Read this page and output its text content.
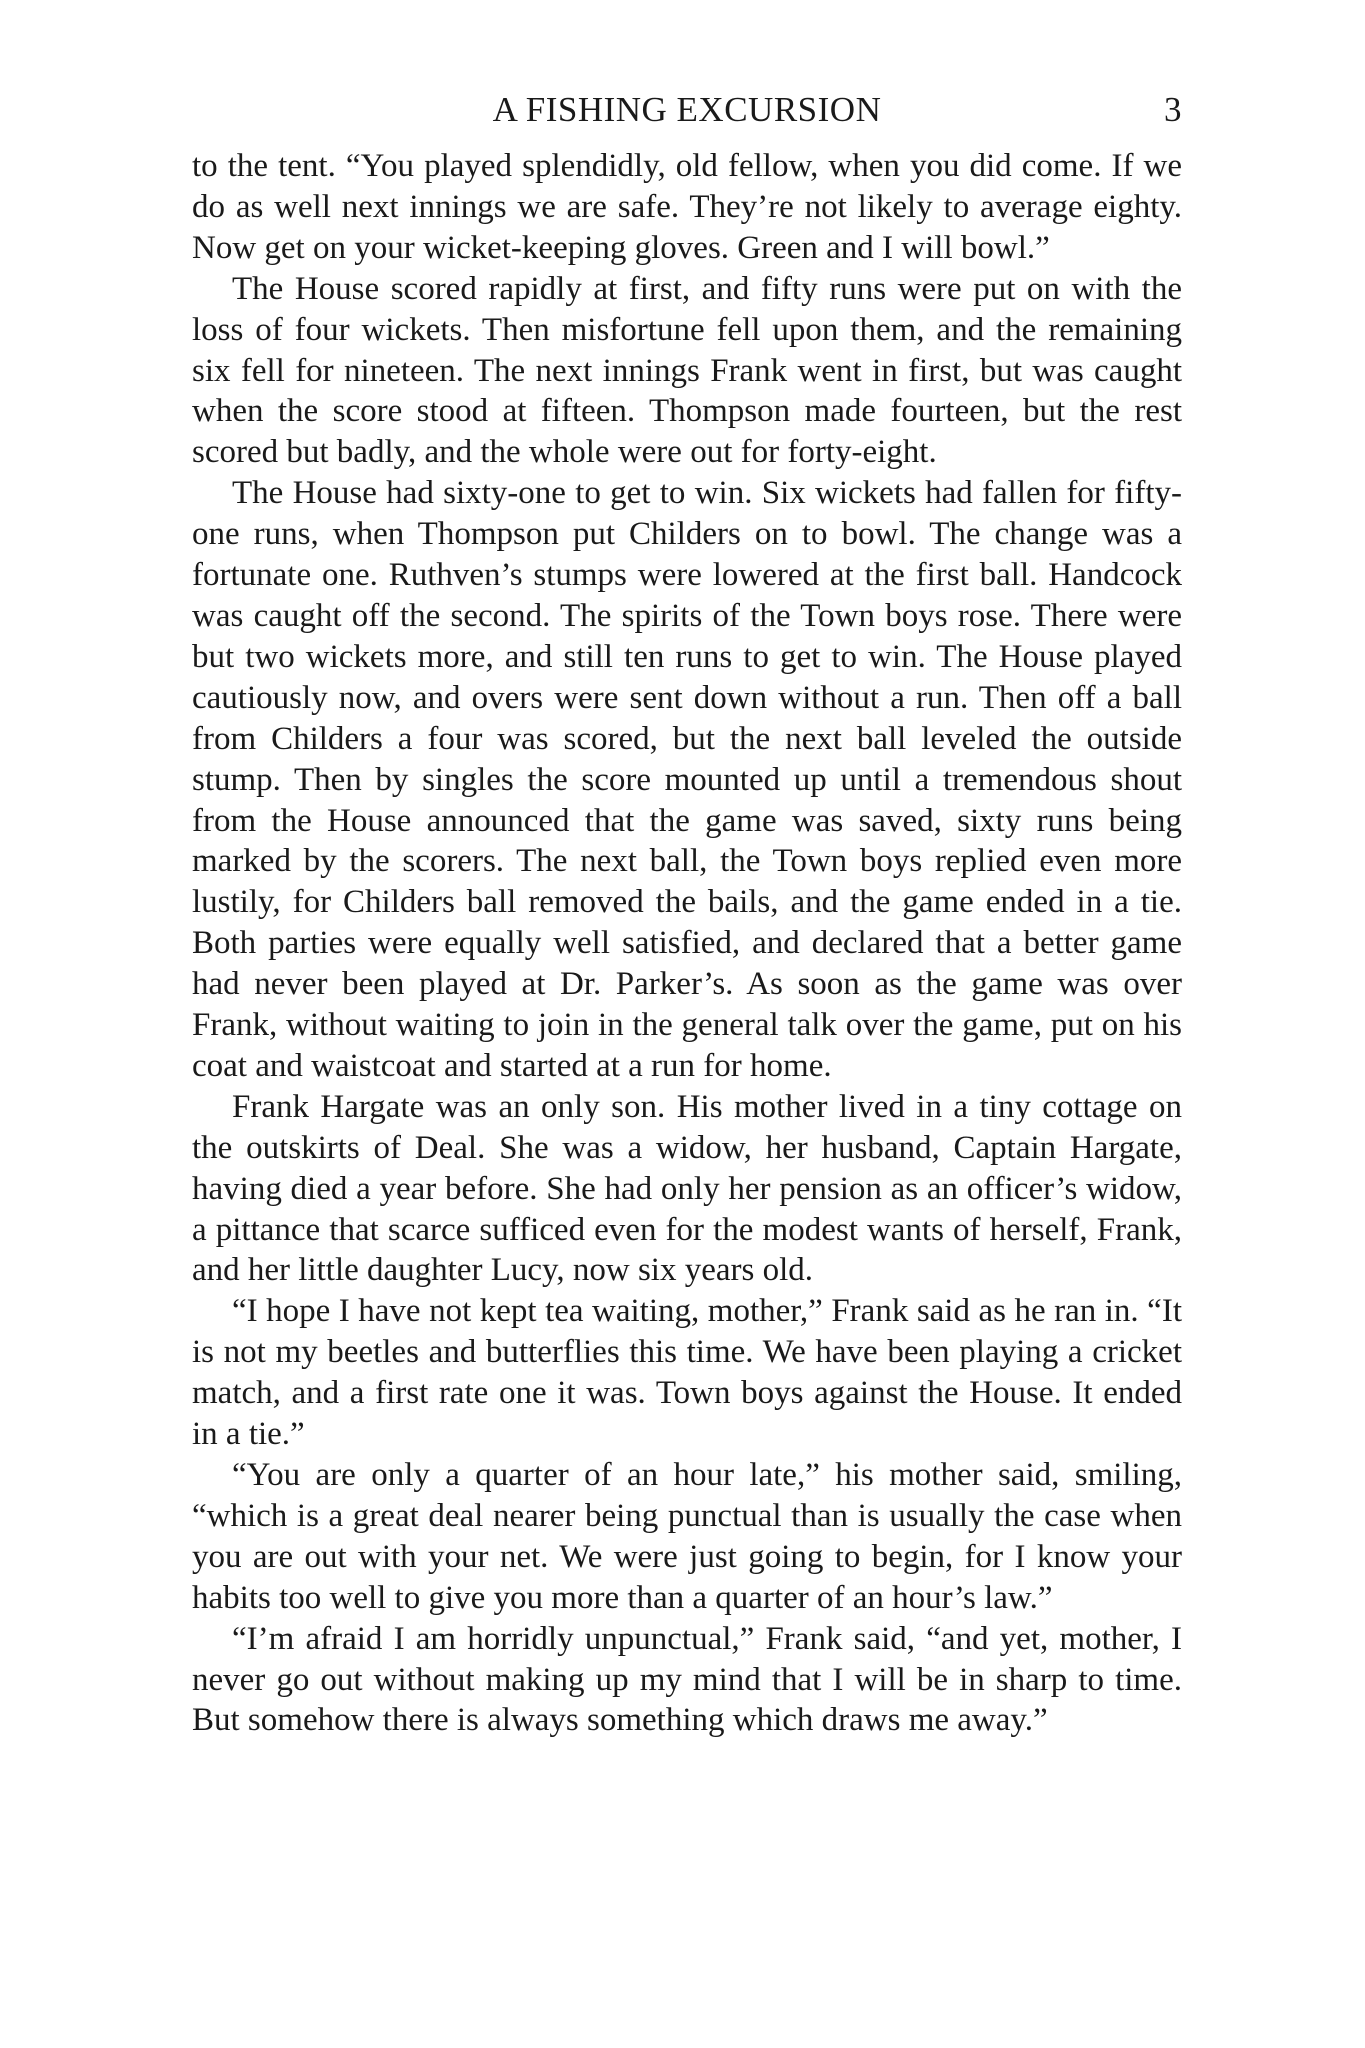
A FISHING EXCURSION	3

to the tent. “You played splendidly, old fellow, when you did come. If we do as well next innings we are safe. They’re not likely to average eighty. Now get on your wicket-keeping gloves. Green and I will bowl.”

The House scored rapidly at first, and fifty runs were put on with the loss of four wickets. Then misfortune fell upon them, and the remaining six fell for nineteen. The next innings Frank went in first, but was caught when the score stood at fifteen. Thompson made fourteen, but the rest scored but badly, and the whole were out for forty-eight.

The House had sixty-one to get to win. Six wickets had fallen for fifty-one runs, when Thompson put Childers on to bowl. The change was a fortunate one. Ruthven’s stumps were lowered at the first ball. Handcock was caught off the second. The spirits of the Town boys rose. There were but two wickets more, and still ten runs to get to win. The House played cautiously now, and overs were sent down without a run. Then off a ball from Childers a four was scored, but the next ball leveled the outside stump. Then by singles the score mounted up until a tremendous shout from the House announced that the game was saved, sixty runs being marked by the scorers. The next ball, the Town boys replied even more lustily, for Childers ball removed the bails, and the game ended in a tie. Both parties were equally well satisfied, and declared that a better game had never been played at Dr. Parker’s. As soon as the game was over Frank, without waiting to join in the general talk over the game, put on his coat and waistcoat and started at a run for home.

Frank Hargate was an only son. His mother lived in a tiny cottage on the outskirts of Deal. She was a widow, her husband, Captain Hargate, having died a year before. She had only her pension as an officer’s widow, a pittance that scarce sufficed even for the modest wants of herself, Frank, and her little daughter Lucy, now six years old.

“I hope I have not kept tea waiting, mother,” Frank said as he ran in. “It is not my beetles and butterflies this time. We have been playing a cricket match, and a first rate one it was. Town boys against the House. It ended in a tie.”

“You are only a quarter of an hour late,” his mother said, smiling, “which is a great deal nearer being punctual than is usually the case when you are out with your net. We were just going to begin, for I know your habits too well to give you more than a quarter of an hour’s law.”

“I’m afraid I am horridly unpunctual,” Frank said, “and yet, mother, I never go out without making up my mind that I will be in sharp to time. But somehow there is always something which draws me away.”
